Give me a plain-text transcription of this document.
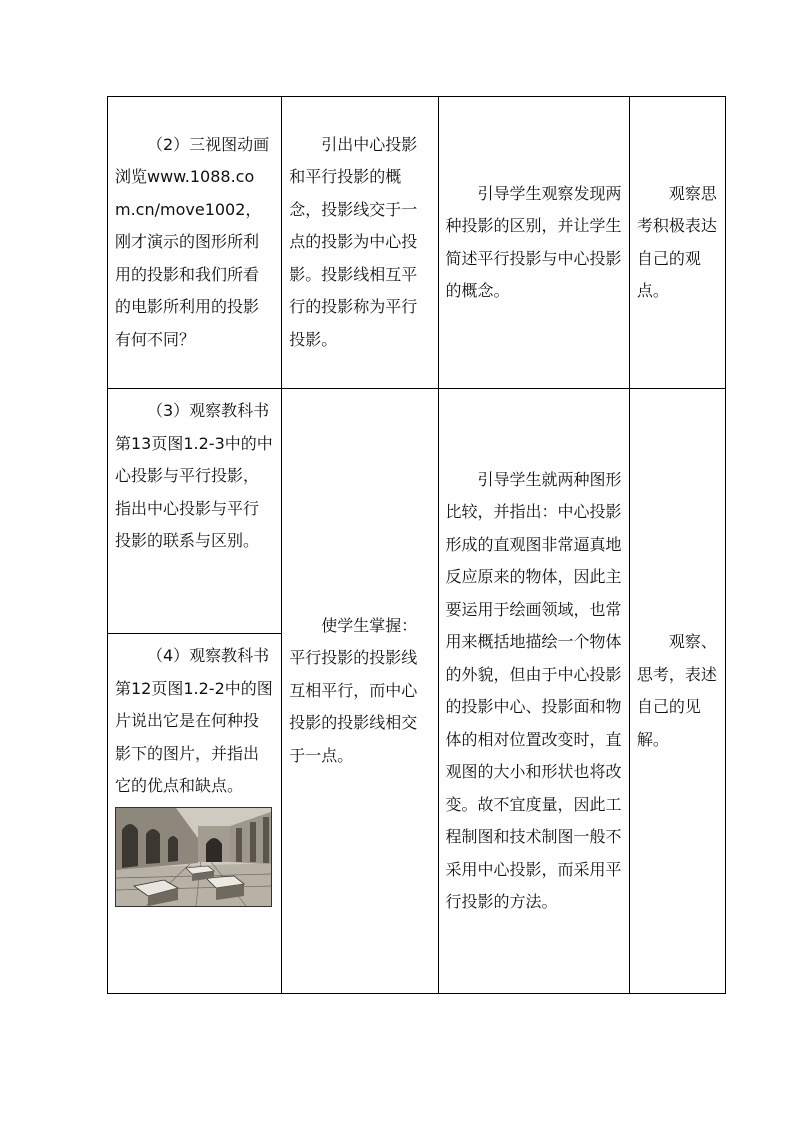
（2）三视图动画浏览www.1088.com.cn/move1002，刚才演示的图形所利用的投影和我们所看的电影所利用的投影有何不同？	引出中心投影和平行投影的概念，投影线交于一点的投影为中心投影。投影线相互平行的投影称为平行投影。	引导学生观察发现两种投影的区别，并让学生简述平行投影与中心投影的概念。	观察思考积极表达自己的观点。
（3）观察教科书第13页图1.2-3中的中心投影与平行投影，指出中心投影与平行投影的联系与区别。	使学生掌握：平行投影的投影线互相平行，而中心投影的投影线相交于一点。	引导学生就两种图形比较，并指出：中心投影形成的直观图非常逼真地反应原来的物体，因此主要运用于绘画领域，也常用来概括地描绘一个物体的外貌，但由于中心投影的投影中心、投影面和物体的相对位置改变时，直观图的大小和形状也将改变。故不宜度量，因此工程制图和技术制图一般不采用中心投影，而采用平行投影的方法。	观察、思考，表述自己的见解。

（4）观察教科书第12页图1.2-2中的图片说出它是在何种投影下的图片，并指出它的优点和缺点。			
